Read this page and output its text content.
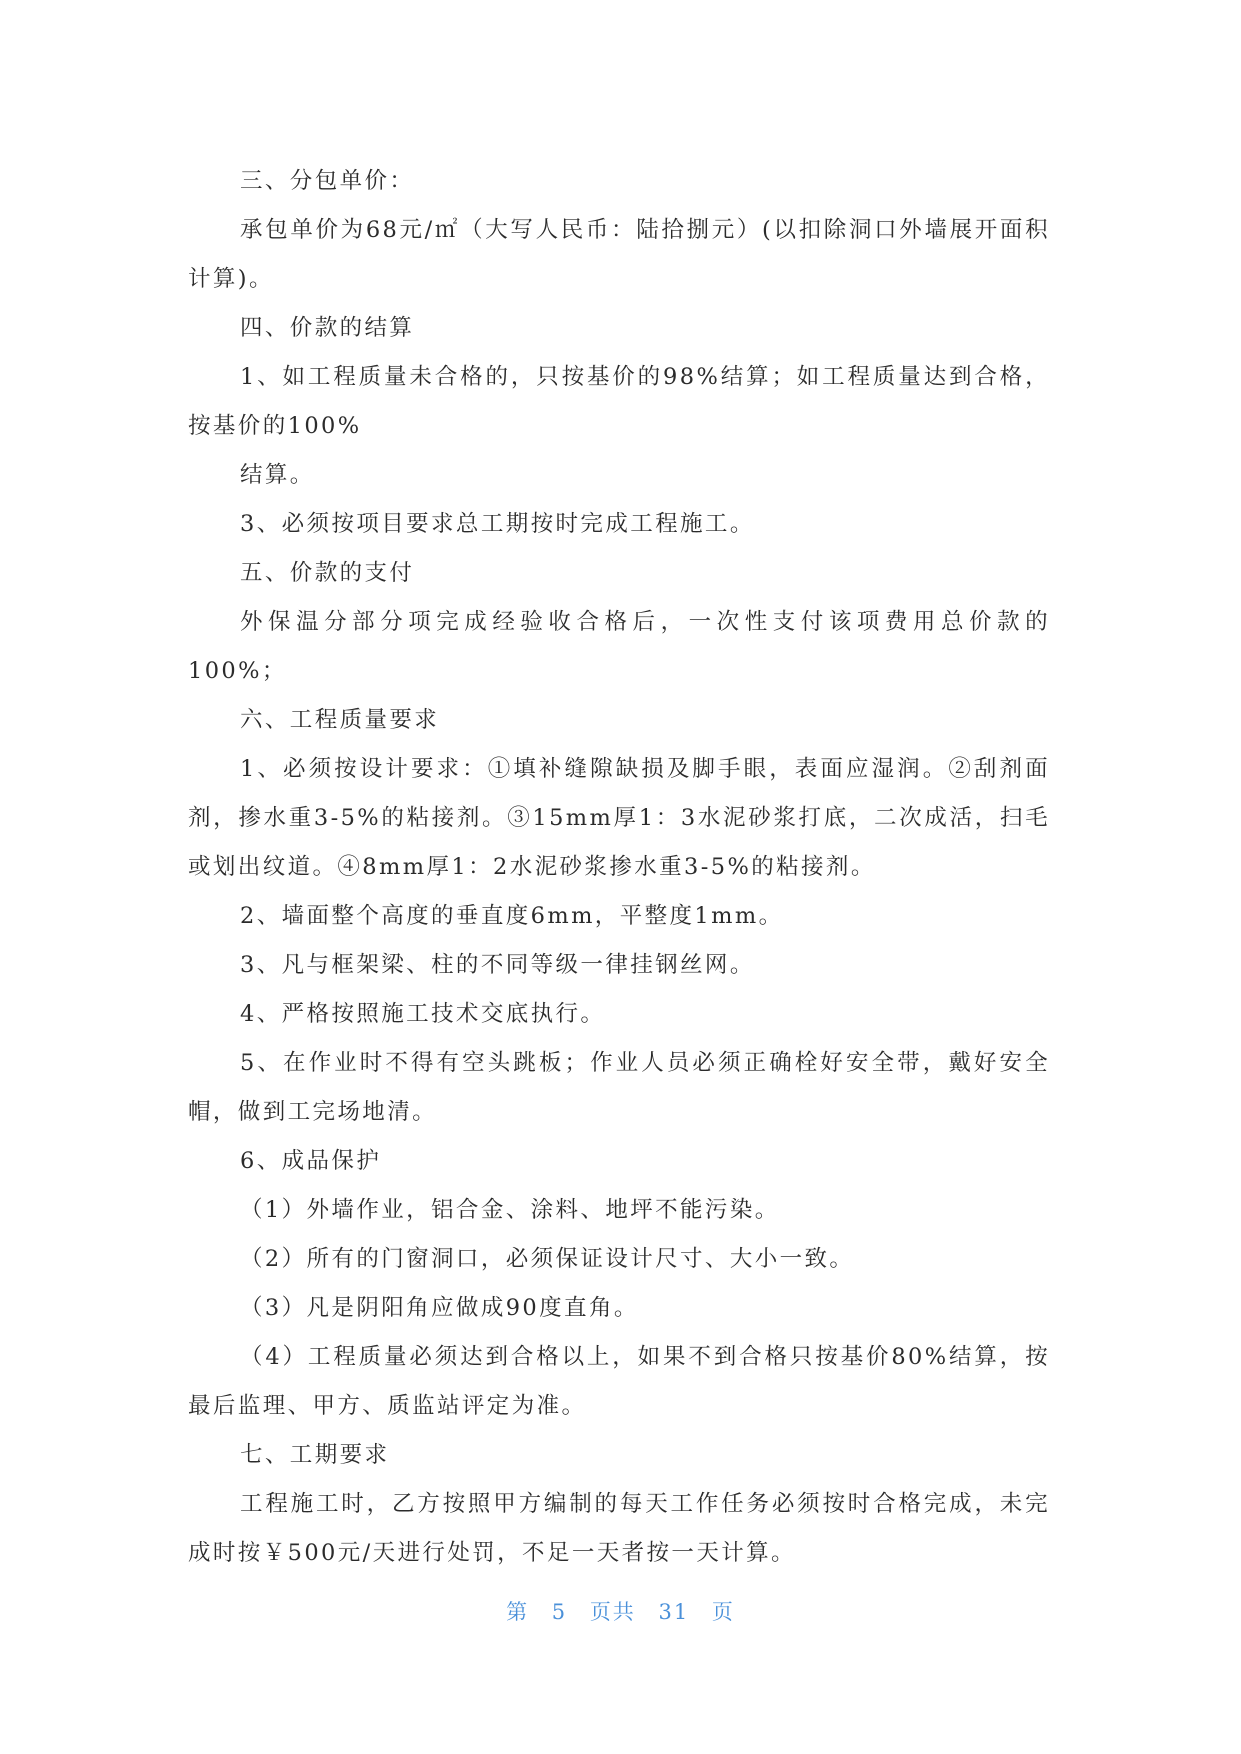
三、分包单价：

承包单价为68元/㎡（大写人民币：陆拾捌元）(以扣除洞口外墙展开面积计算)。

四、价款的结算

1、如工程质量未合格的，只按基价的98%结算；如工程质量达到合格，按基价的100%

结算。

3、必须按项目要求总工期按时完成工程施工。

五、价款的支付

外保温分部分项完成经验收合格后，一次性支付该项费用总价款的100%；

六、工程质量要求

1、必须按设计要求：①填补缝隙缺损及脚手眼，表面应湿润。②刮剂面剂，掺水重3-5%的粘接剂。③15mm厚1：3水泥砂浆打底，二次成活，扫毛或划出纹道。④8mm厚1：2水泥砂浆掺水重3-5%的粘接剂。

2、墙面整个高度的垂直度6mm，平整度1mm。

3、凡与框架梁、柱的不同等级一律挂钢丝网。

4、严格按照施工技术交底执行。

5、在作业时不得有空头跳板；作业人员必须正确栓好安全带，戴好安全帽，做到工完场地清。

6、成品保护

（1）外墙作业，铝合金、涂料、地坪不能污染。

（2）所有的门窗洞口，必须保证设计尺寸、大小一致。

（3）凡是阴阳角应做成90度直角。

（4）工程质量必须达到合格以上，如果不到合格只按基价80%结算，按最后监理、甲方、质监站评定为准。

七、工期要求

工程施工时，乙方按照甲方编制的每天工作任务必须按时合格完成，未完成时按￥500元/天进行处罚，不足一天者按一天计算。

第 5 页共 31 页
